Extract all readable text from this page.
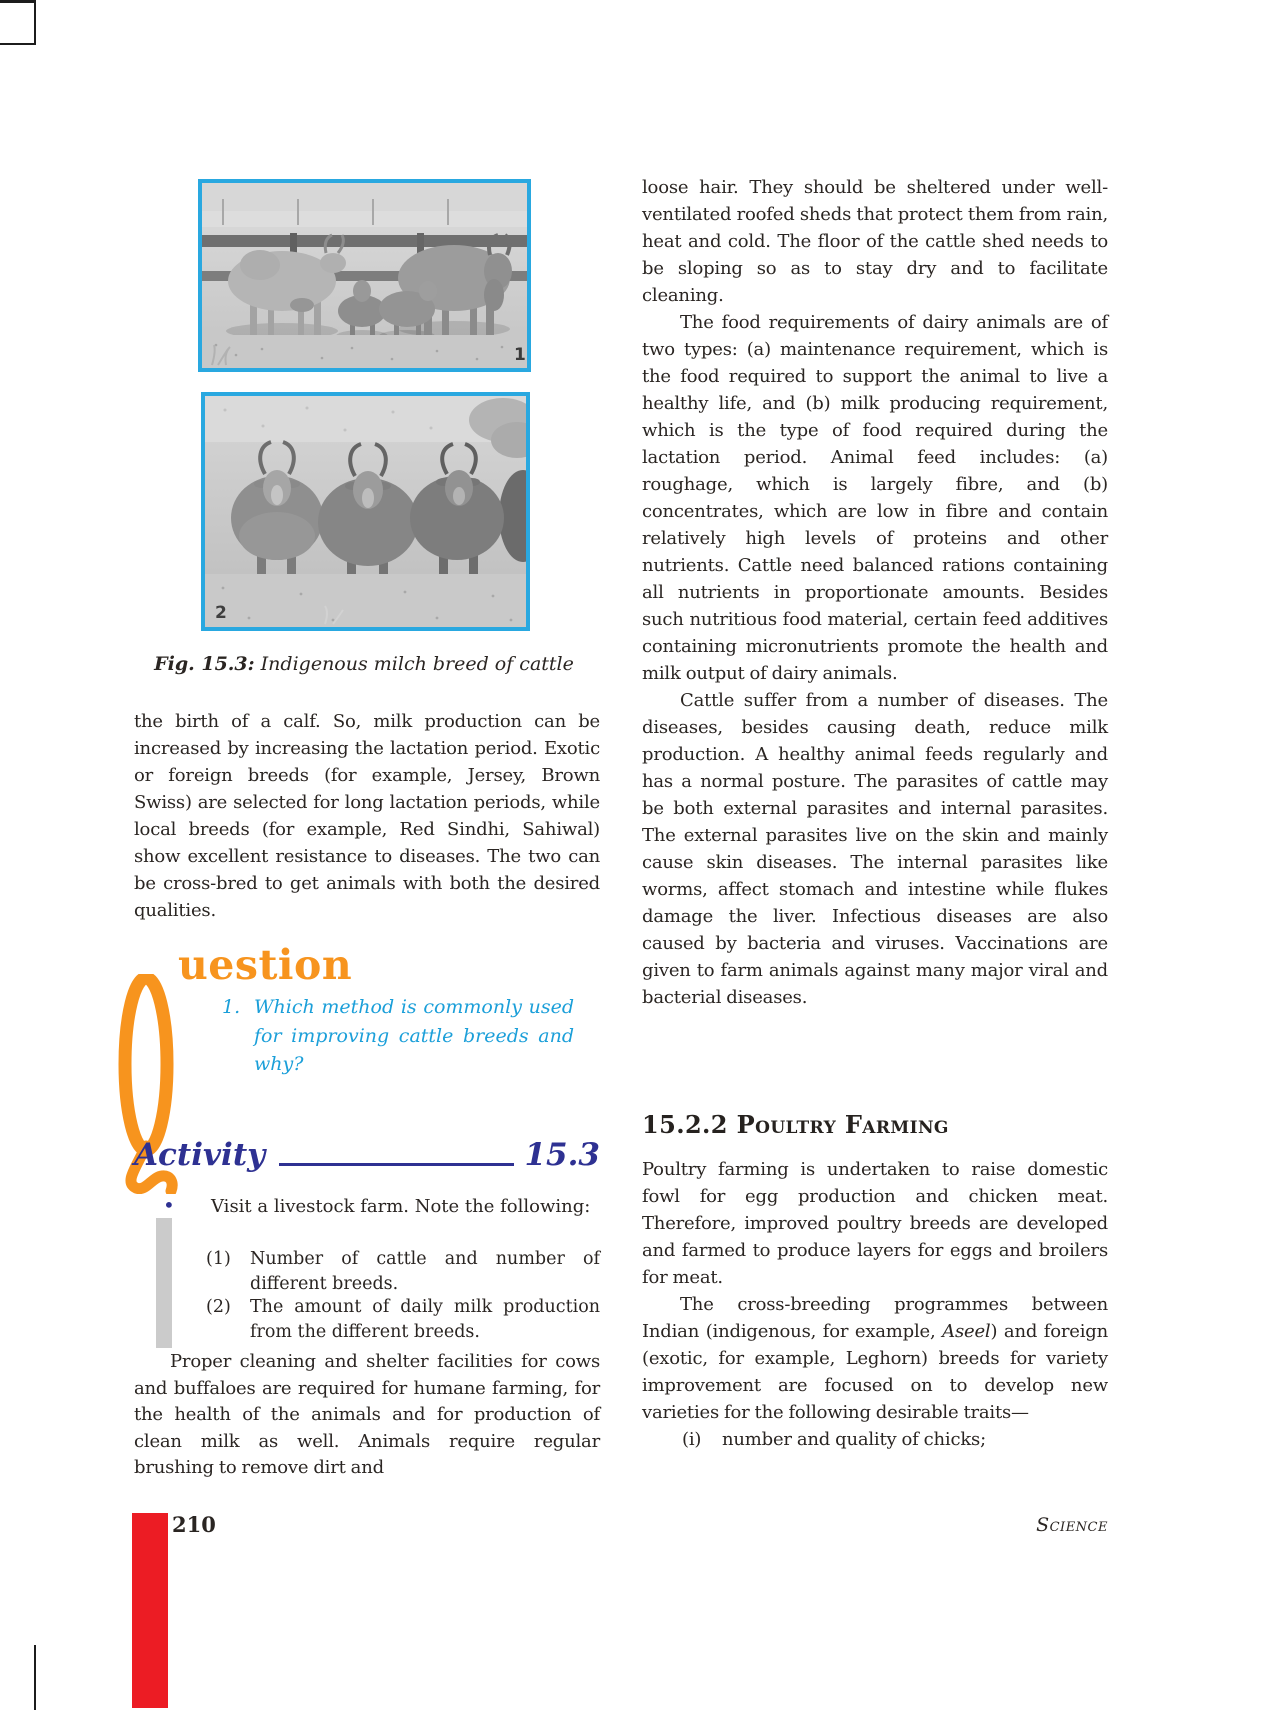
1
2
Fig. 15.3: Indigenous milch breed of cattle
the birth of a calf. So, milk production can be increased by increasing the lactation period. Exotic or foreign breeds (for example, Jersey, Brown Swiss) are selected for long lactation periods, while local breeds (for example, Red Sindhi, Sahiwal) show excellent resistance to diseases. The two can be cross-bred to get animals with both the desired qualities.
uestion
1. Which method is commonly used for improving cattle breeds and why?
Activity	15.3
• Visit a livestock farm. Note the following:
(1)	Number of cattle and number of different breeds.
(2)	The amount of daily milk production from the different breeds.
Proper cleaning and shelter facilities for cows and buffaloes are required for humane farming, for the health of the animals and for production of clean milk as well. Animals require regular brushing to remove dirt and

loose hair. They should be sheltered under well-ventilated roofed sheds that protect them from rain, heat and cold. The floor of the cattle shed needs to be sloping so as to stay dry and to facilitate cleaning.

The food requirements of dairy animals are of two types: (a) maintenance requirement, which is the food required to support the animal to live a healthy life, and (b) milk producing requirement, which is the type of food required during the lactation period. Animal feed includes: (a) roughage, which is largely fibre, and (b) concentrates, which are low in fibre and contain relatively high levels of proteins and other nutrients. Cattle need balanced rations containing all nutrients in proportionate amounts. Besides such nutritious food material, certain feed additives containing micronutrients promote the health and milk output of dairy animals.

Cattle suffer from a number of diseases. The diseases, besides causing death, reduce milk production. A healthy animal feeds regularly and has a normal posture. The parasites of cattle may be both external parasites and internal parasites. The external parasites live on the skin and mainly cause skin diseases. The internal parasites like worms, affect stomach and intestine while flukes damage the liver. Infectious diseases are also caused by bacteria and viruses. Vaccinations are given to farm animals against many major viral and bacterial diseases.

15.2.2 Poultry Farming

Poultry farming is undertaken to raise domestic fowl for egg production and chicken meat. Therefore, improved poultry breeds are developed and farmed to produce layers for eggs and broilers for meat.

The cross-breeding programmes between Indian (indigenous, for example, Aseel) and foreign (exotic, for example, Leghorn) breeds for variety improvement are focused on to develop new varieties for the following desirable traits—

(i)	number and quality of chicks;
210	Science
